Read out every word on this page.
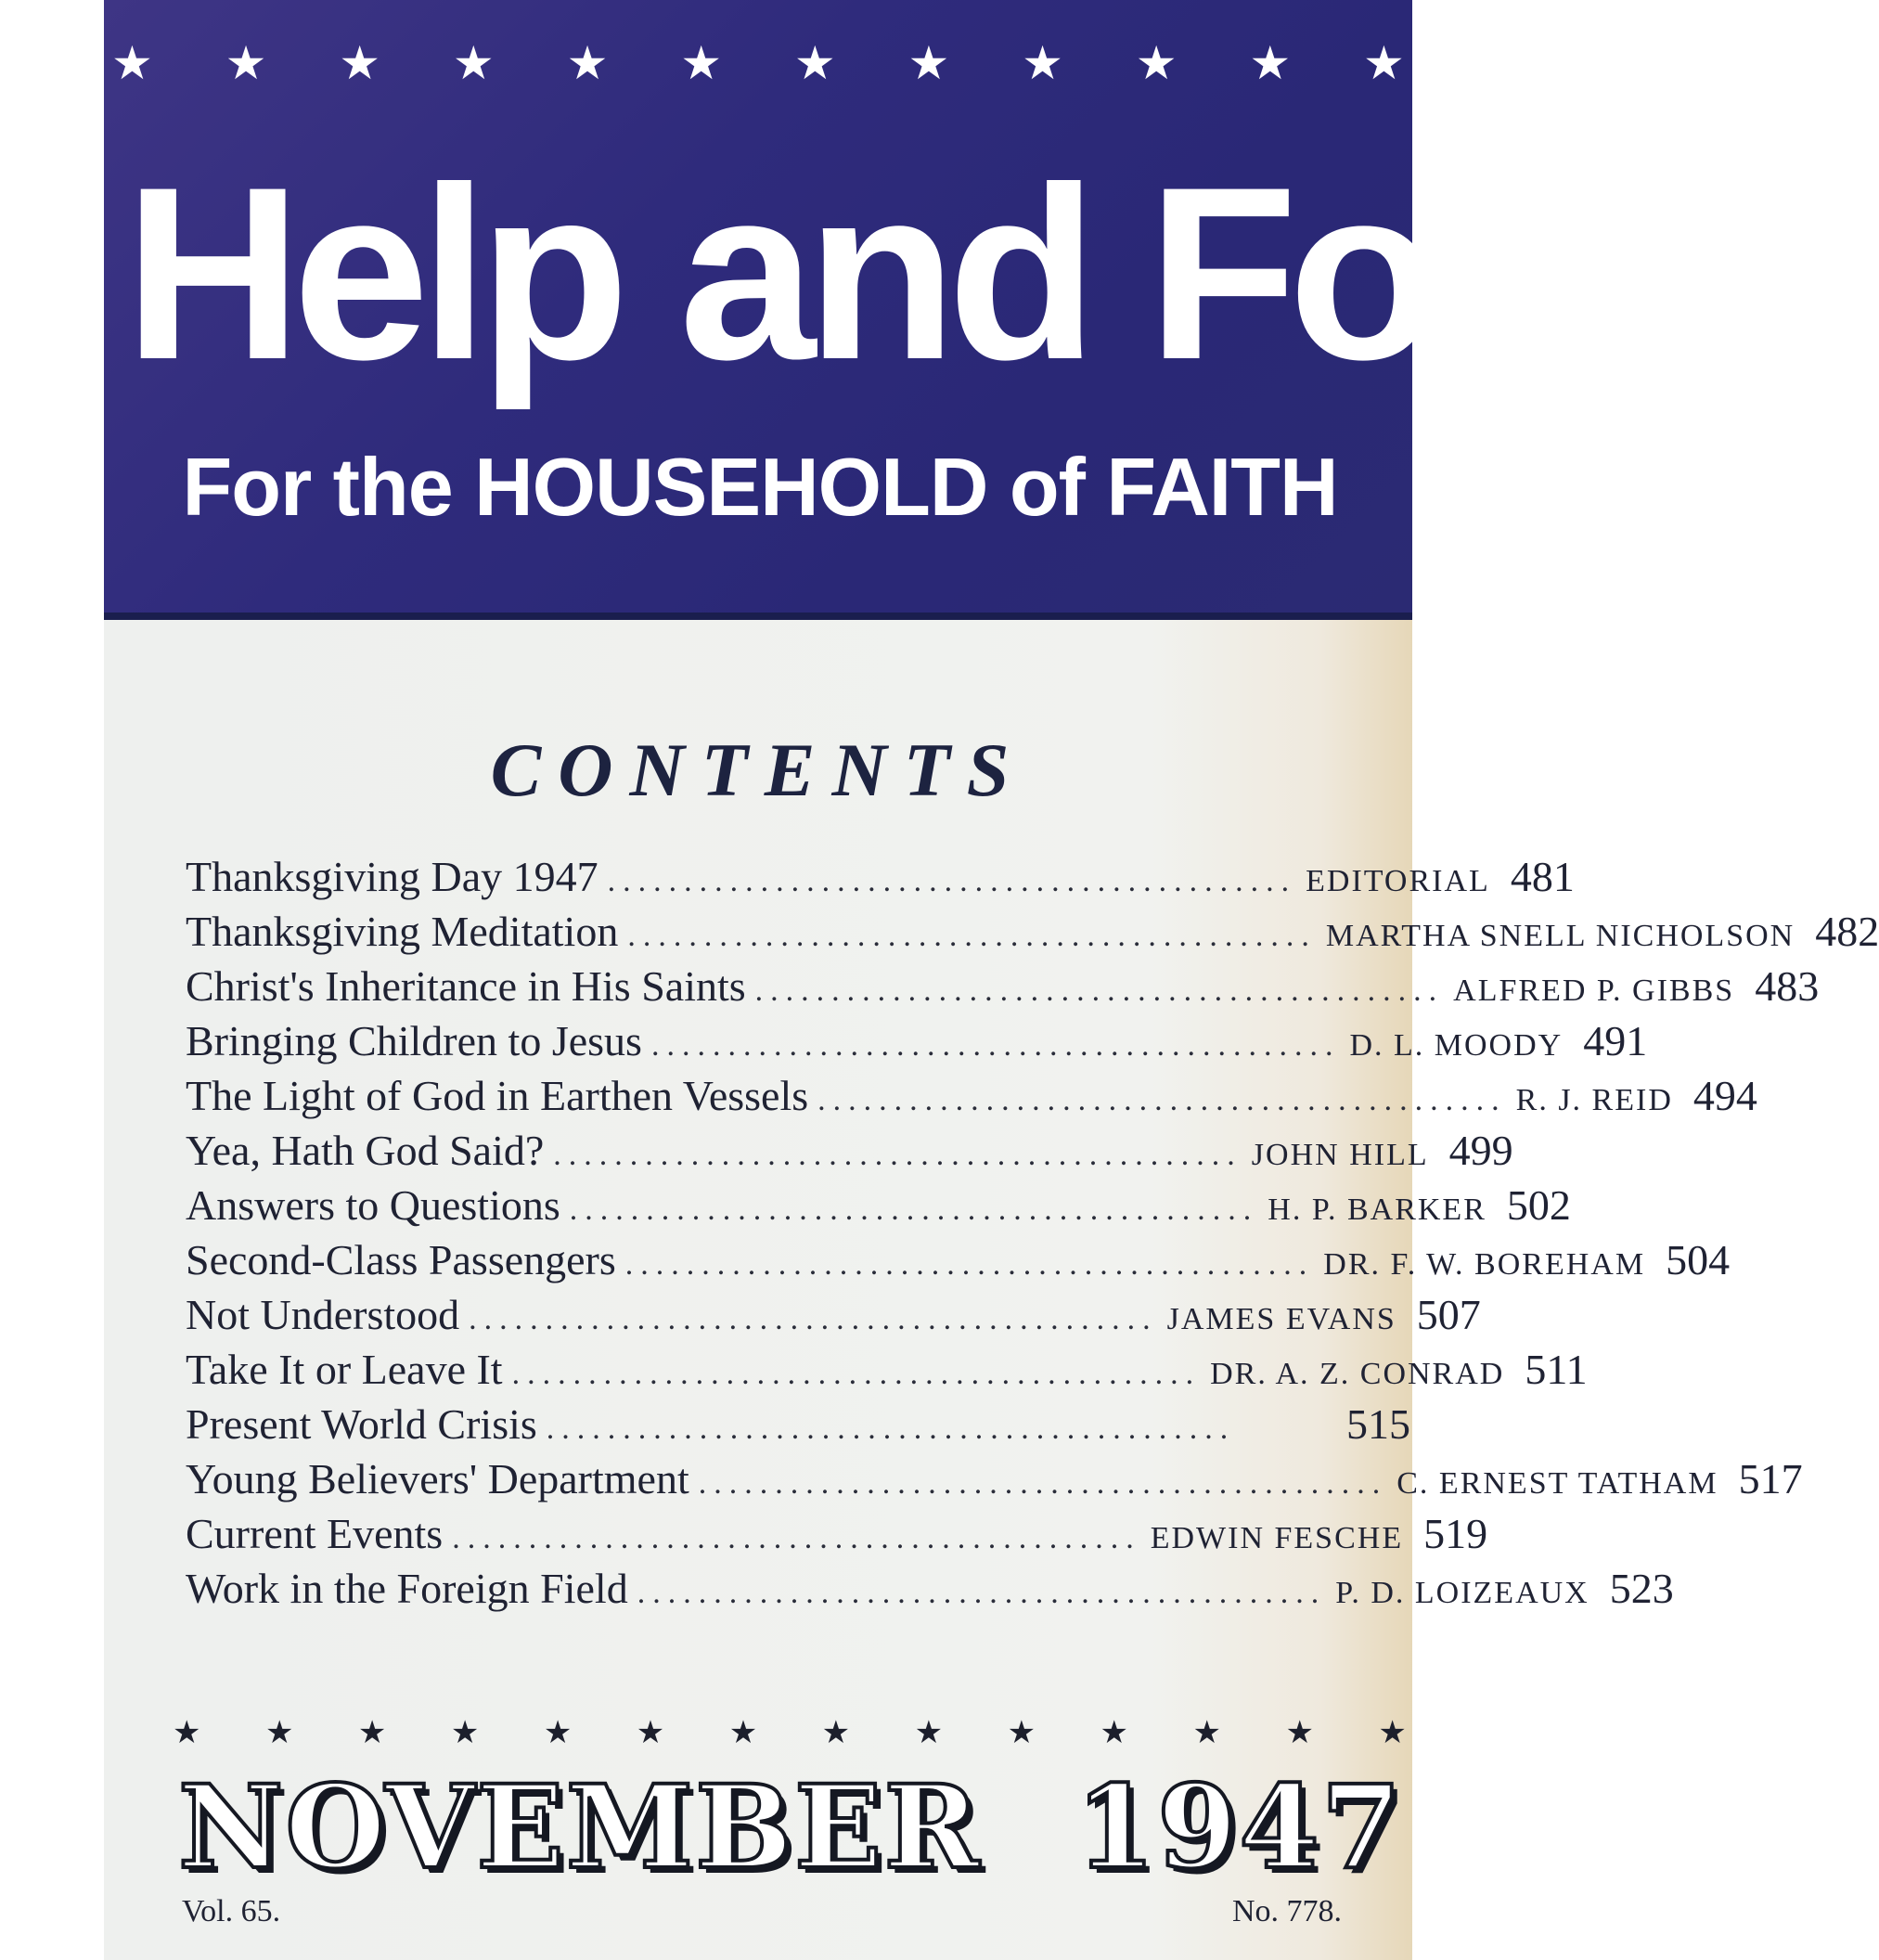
★ ★ ★ ★ ★ ★ ★ ★ ★ ★ ★ ★
Help and Food
For the HOUSEHOLD of FAITH
CONTENTS
Thanksgiving Day 1947 ............................................. EDITORIAL 481
Thanksgiving Meditation ............................................. MARTHA SNELL NICHOLSON 482
Christ's Inheritance in His Saints ............................................. ALFRED P. GIBBS 483
Bringing Children to Jesus ............................................. D. L. MOODY 491
The Light of God in Earthen Vessels ............................................. R. J. REID 494
Yea, Hath God Said? ............................................. JOHN HILL 499
Answers to Questions ............................................. H. P. BARKER 502
Second-Class Passengers ............................................. DR. F. W. BOREHAM 504
Not Understood ............................................. JAMES EVANS 507
Take It or Leave It ............................................. DR. A. Z. CONRAD 511
Present World Crisis .............................................	515
Young Believers' Department ............................................. C. ERNEST TATHAM 517
Current Events ............................................. EDWIN FESCHE 519
Work in the Foreign Field ............................................. P. D. LOIZEAUX 523
★ ★ ★ ★ ★ ★ ★ ★ ★ ★ ★ ★ ★ ★
NOVEMBER 1947
Vol. 65.	No. 778.
